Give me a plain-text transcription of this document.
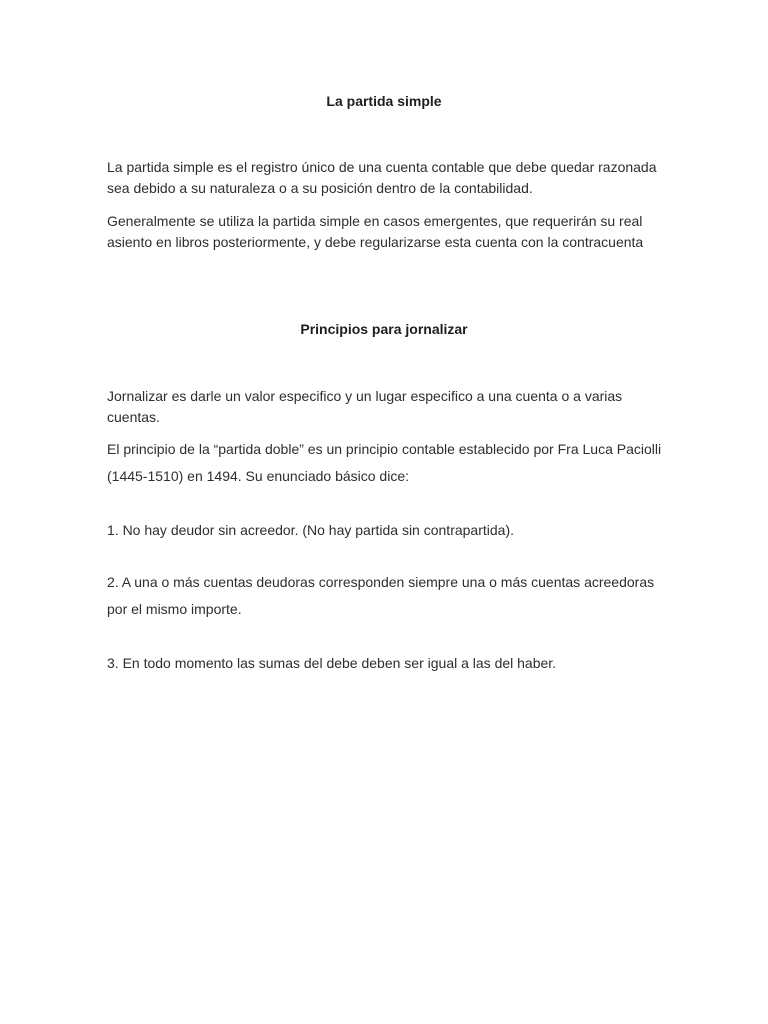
La partida simple
La partida simple es el registro único de una cuenta contable que debe quedar razonada sea debido a su naturaleza o a su posición dentro de la contabilidad.
Generalmente se utiliza la partida simple en casos emergentes, que requerirán su real asiento en libros posteriormente, y debe regularizarse esta cuenta con la contracuenta
Principios para jornalizar
Jornalizar es darle un valor especifico y un lugar especifico a una cuenta o a varias cuentas.
El principio de la “partida doble” es un principio contable establecido por Fra Luca Paciolli (1445-1510) en 1494. Su enunciado básico dice:
1. No hay deudor sin acreedor. (No hay partida sin contrapartida).
2. A una o más cuentas deudoras corresponden siempre una o más cuentas acreedoras por el mismo importe.
3. En todo momento las sumas del debe deben ser igual a las del haber.
